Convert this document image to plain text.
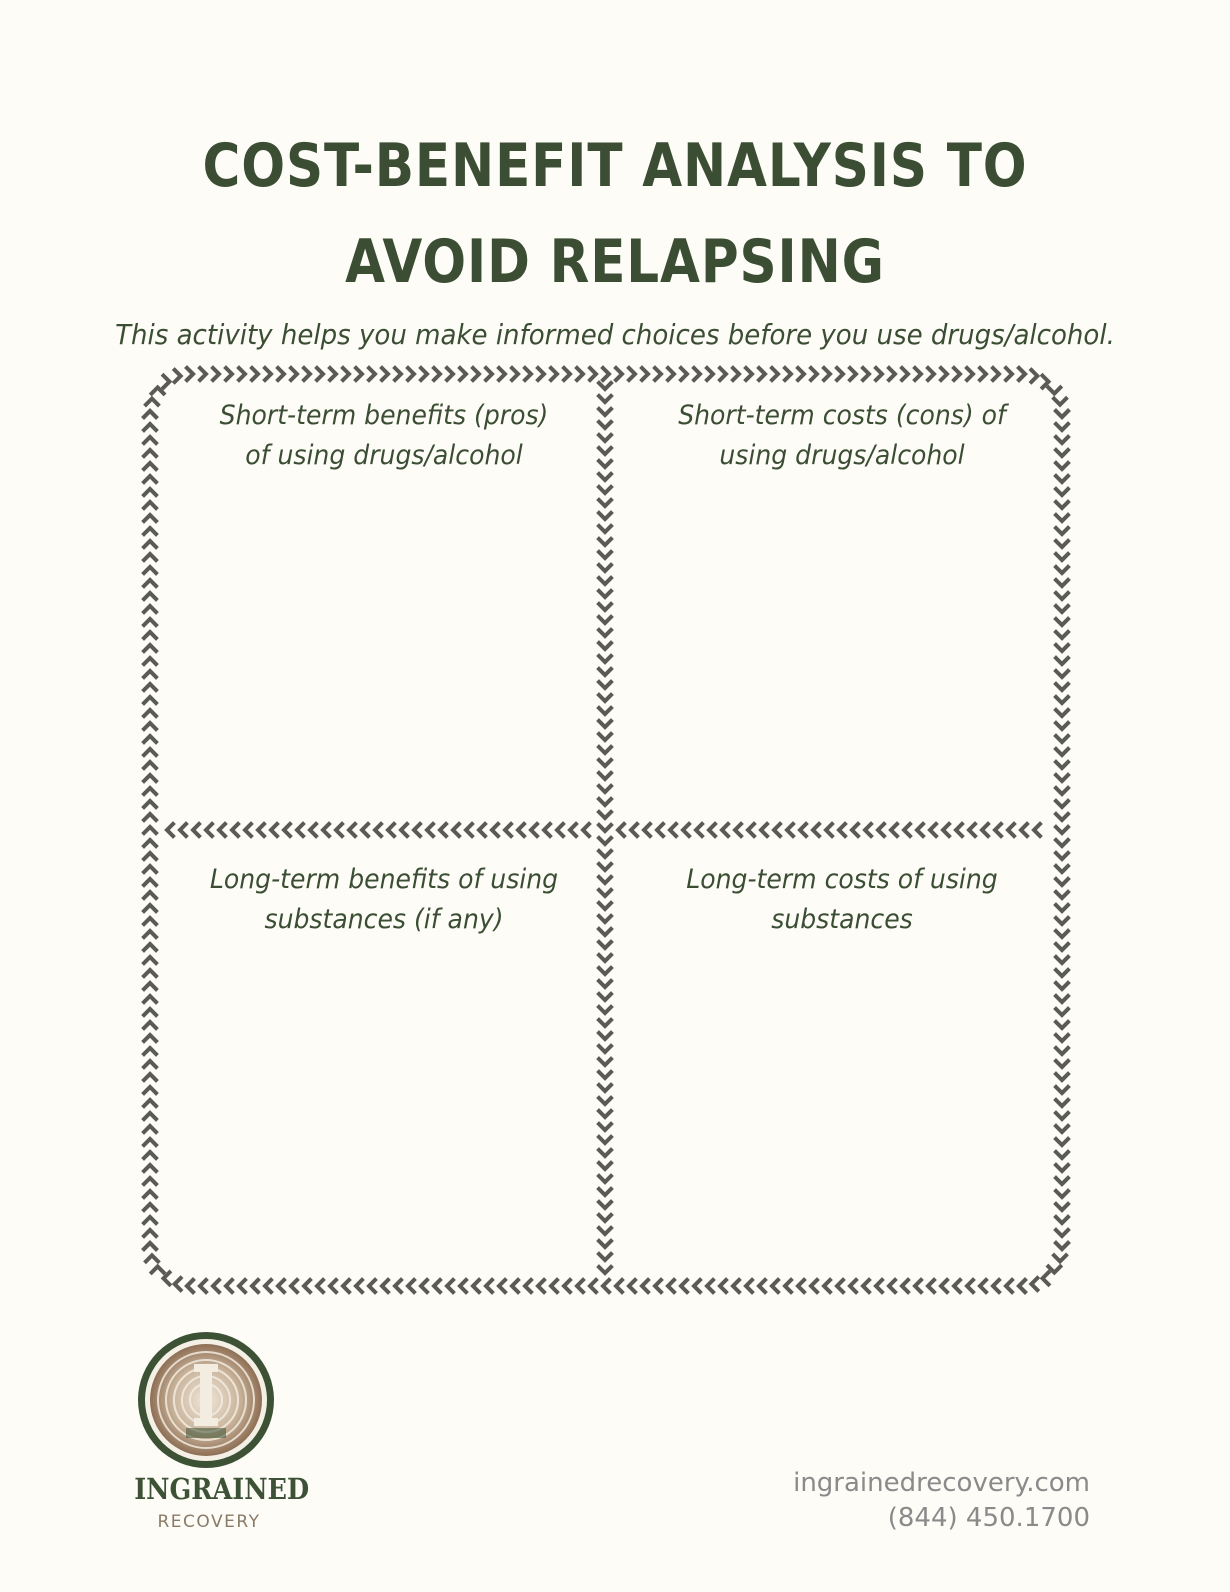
COST-BENEFIT ANALYSIS TO
AVOID RELAPSING
This activity helps you make informed choices before you use drugs/alcohol.
Short-term benefits (pros)
of using drugs/alcohol
Short-term costs (cons) of
using drugs/alcohol
Long-term benefits of using
substances (if any)
Long-term costs of using
substances
INGRAINED
RECOVERY
ingrainedrecovery.com
(844) 450.1700
